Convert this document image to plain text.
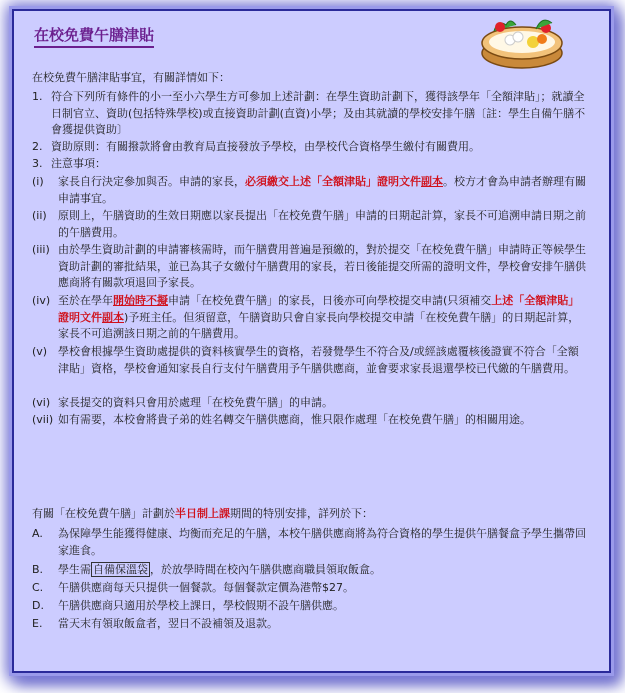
在校免費午膳津貼
在校免費午膳津貼事宜，有關詳情如下：
1. 符合下列所有條件的小一至小六學生方可參加上述計劃：在學生資助計劃下，獲得該學年「全額津貼」；就讀全日制官立、資助(包括特殊學校)或直接資助計劃(直資)小學；及由其就讀的學校安排午膳〔註：學生自備午膳不會獲提供資助〕
2. 資助原則：有關撥款將會由教育局直接發放予學校，由學校代合資格學生繳付有關費用。
3. 注意事項：
(i) 家長自行決定參加與否。申請的家長，必須繳交上述「全額津貼」證明文件副本。校方才會為申請者辦理有關申請事宜。
(ii) 原則上，午膳資助的生效日期應以家長提出「在校免費午膳」申請的日期起計算，家長不可追溯申請日期之前的午膳費用。
(iii) 由於學生資助計劃的申請審核需時，而午膳費用普遍是預繳的，對於提交「在校免費午膳」申請時正等候學生資助計劃的審批結果，並已為其子女繳付午膳費用的家長，若日後能提交所需的證明文件，學校會安排午膳供應商將有關款項退回予家長。
(iv) 至於在學年開始時不擬申請「在校免費午膳」的家長，日後亦可向學校提交申請(只須補交上述「全額津貼」證明文件副本)予班主任。但須留意，午膳資助只會自家長向學校提交申請「在校免費午膳」的日期起計算，家長不可追溯該日期之前的午膳費用。
(v) 學校會根據學生資助處提供的資料核實學生的資格，若發覺學生不符合及/或經該處覆核後證實不符合「全額津貼」資格，學校會通知家長自行支付午膳費用予午膳供應商，並會要求家長退還學校已代繳的午膳費用。
(vi) 家長提交的資料只會用於處理「在校免費午膳」的申請。
(vii) 如有需要，本校會將貴子弟的姓名轉交午膳供應商，惟只限作處理「在校免費午膳」的相關用途。
有關「在校免費午膳」計劃於半日制上課期間的特別安排，詳列於下：
A. 為保障學生能獲得健康、均衡而充足的午膳，本校午膳供應商將為符合資格的學生提供午膳餐盒予學生攜帶回家進食。
B. 學生需 自備保溫袋 ，於放學時間在校內午膳供應商職員領取飯盒。
C. 午膳供應商每天只提供一個餐款。每個餐款定價為港幣$27。
D. 午膳供應商只適用於學校上課日，學校假期不設午膳供應。
E. 當天末有領取飯盒者，翌日不設補領及退款。
